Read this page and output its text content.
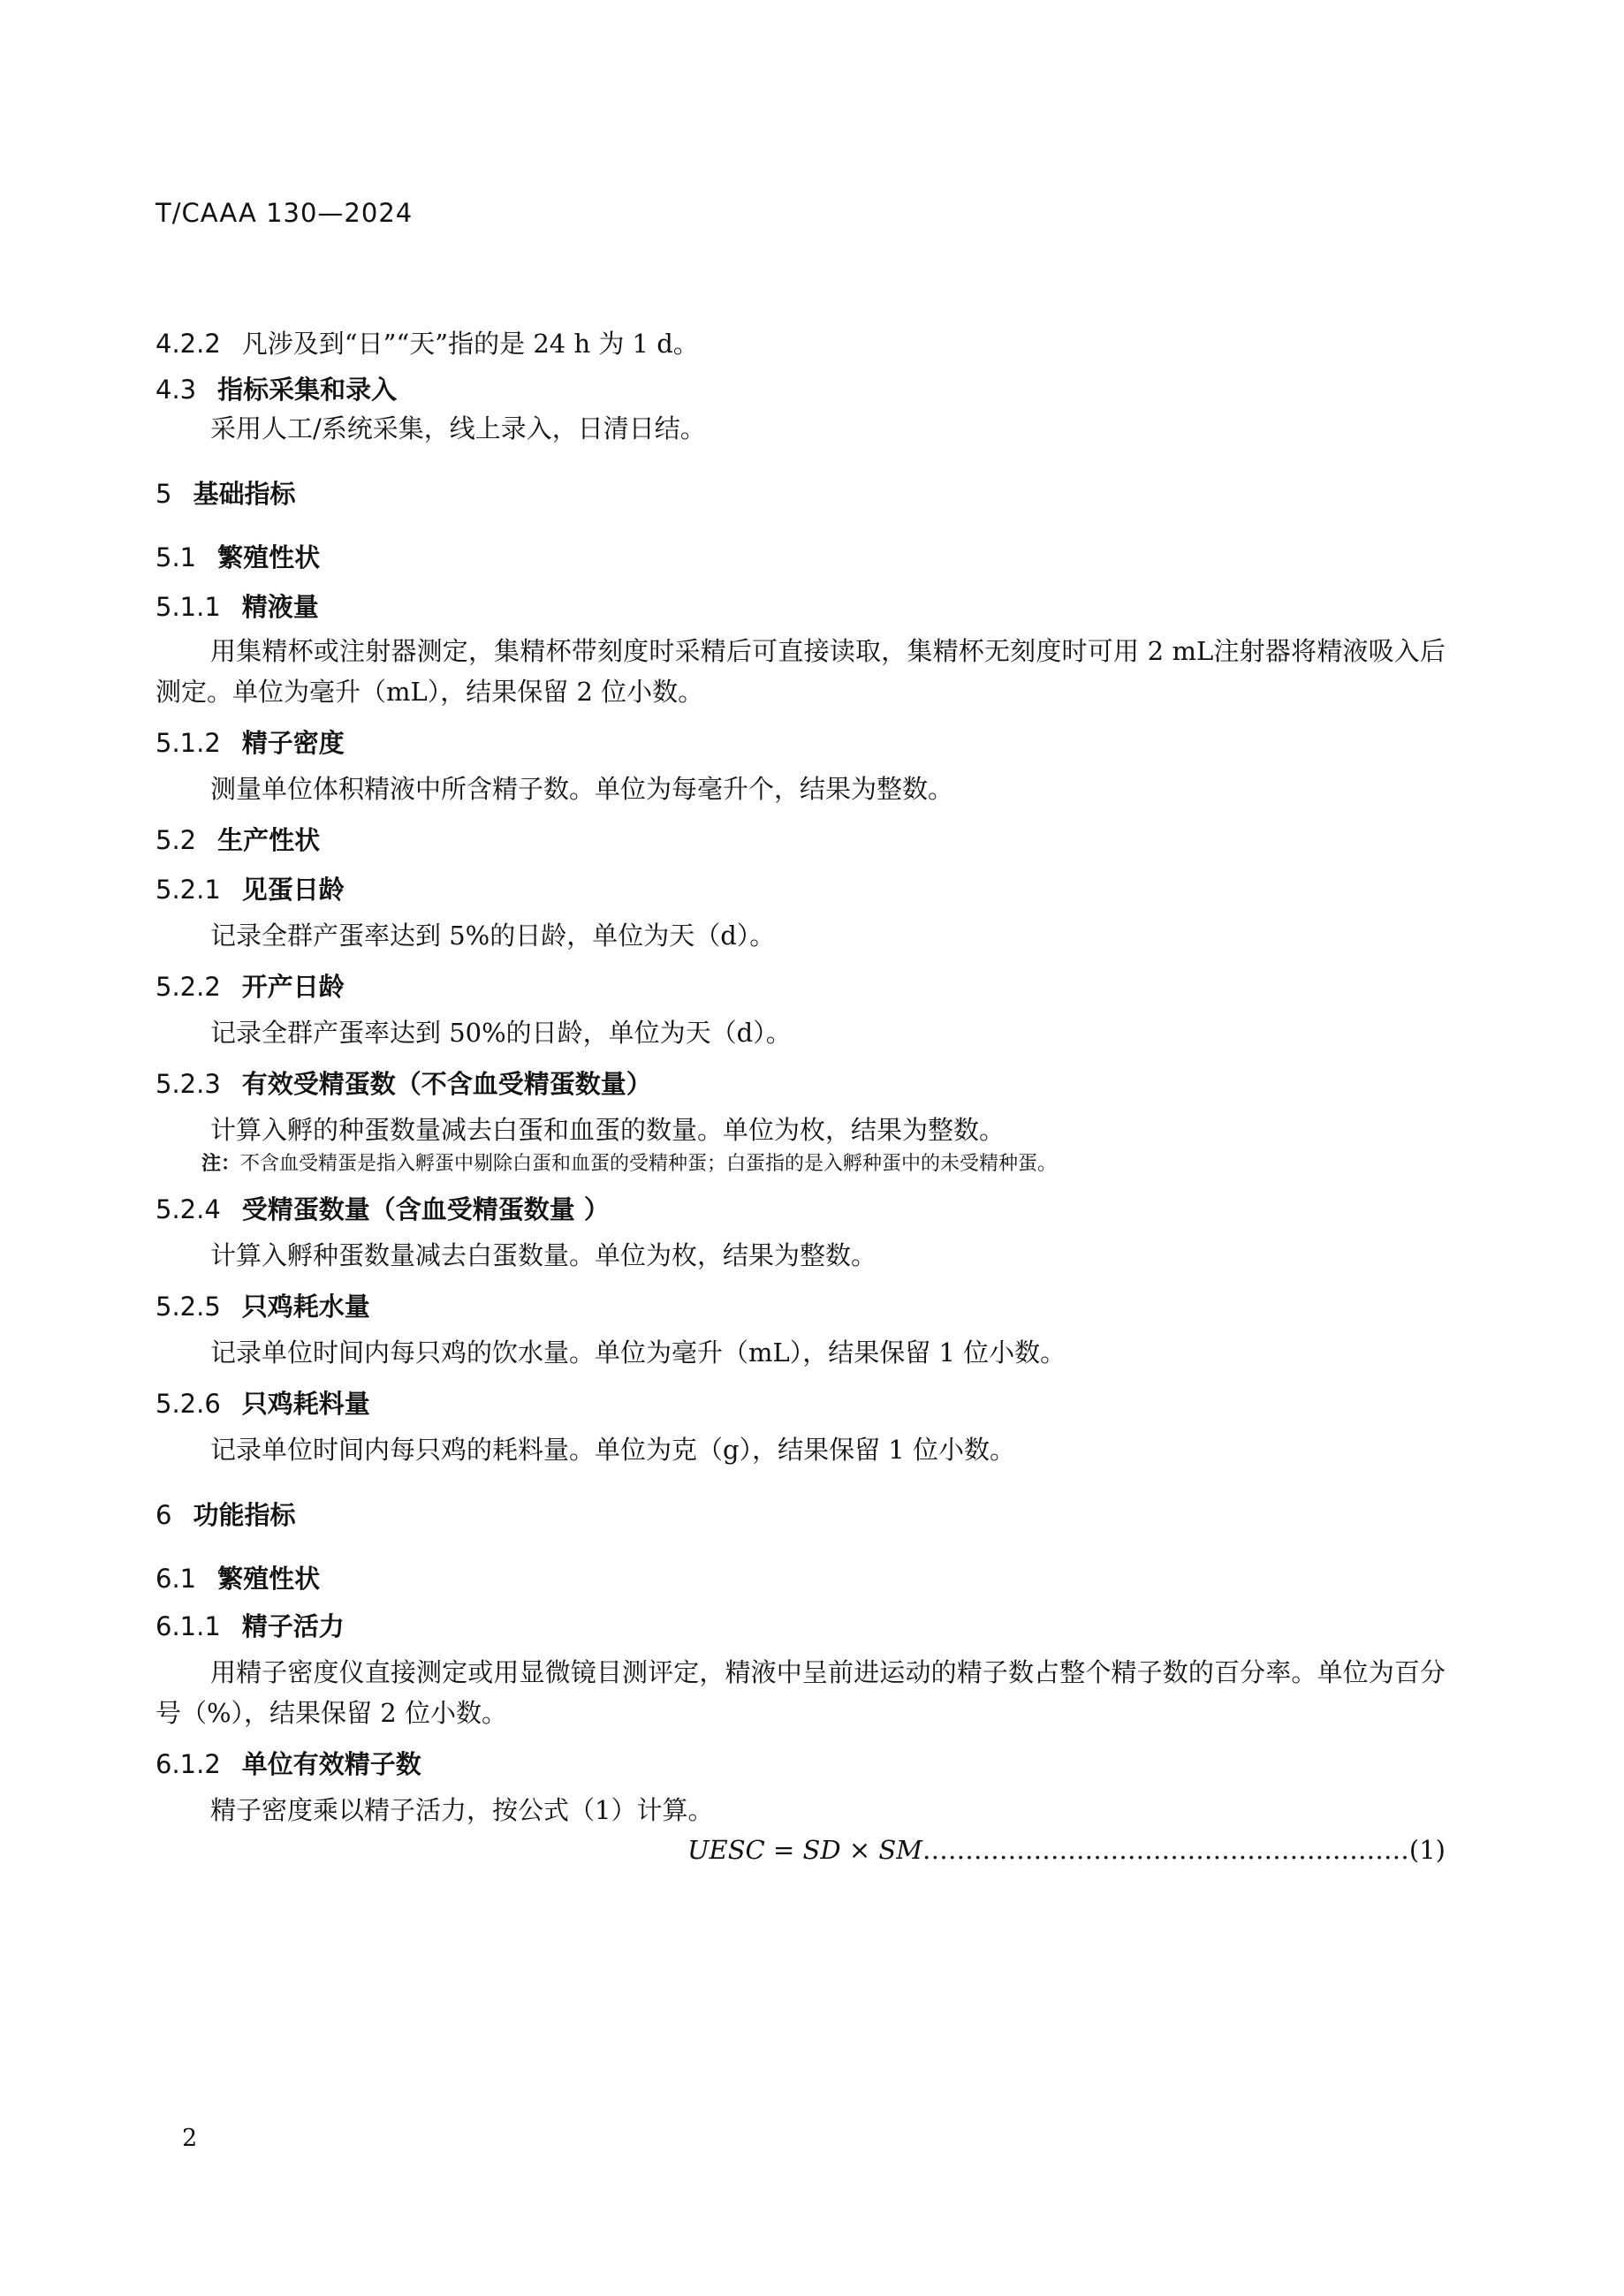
T/CAAA 130—2024

4.2.2 凡涉及到“日”“天”指的是 24 h 为 1 d。

4.3 指标采集和录入

采用人工/系统采集，线上录入，日清日结。

5 基础指标

5.1 繁殖性状

5.1.1 精液量

用集精杯或注射器测定，集精杯带刻度时采精后可直接读取，集精杯无刻度时可用 2 mL注射器将精液吸入后测定。单位为毫升（mL），结果保留 2 位小数。

5.1.2 精子密度

测量单位体积精液中所含精子数。单位为每毫升个，结果为整数。

5.2 生产性状

5.2.1 见蛋日龄

记录全群产蛋率达到 5%的日龄，单位为天（d）。

5.2.2 开产日龄

记录全群产蛋率达到 50%的日龄，单位为天（d）。

5.2.3 有效受精蛋数（不含血受精蛋数量）

计算入孵的种蛋数量减去白蛋和血蛋的数量。单位为枚，结果为整数。

注：不含血受精蛋是指入孵蛋中剔除白蛋和血蛋的受精种蛋；白蛋指的是入孵种蛋中的未受精种蛋。

5.2.4 受精蛋数量（含血受精蛋数量 ）

计算入孵种蛋数量减去白蛋数量。单位为枚，结果为整数。

5.2.5 只鸡耗水量

记录单位时间内每只鸡的饮水量。单位为毫升（mL），结果保留 1 位小数。

5.2.6 只鸡耗料量

记录单位时间内每只鸡的耗料量。单位为克（g），结果保留 1 位小数。

6 功能指标

6.1 繁殖性状

6.1.1 精子活力

用精子密度仪直接测定或用显微镜目测评定，精液中呈前进运动的精子数占整个精子数的百分率。单位为百分号（%），结果保留 2 位小数。

6.1.2 单位有效精子数

精子密度乘以精子活力，按公式（1）计算。

UESC = SD × SM ………………………………………………… (1)
2
